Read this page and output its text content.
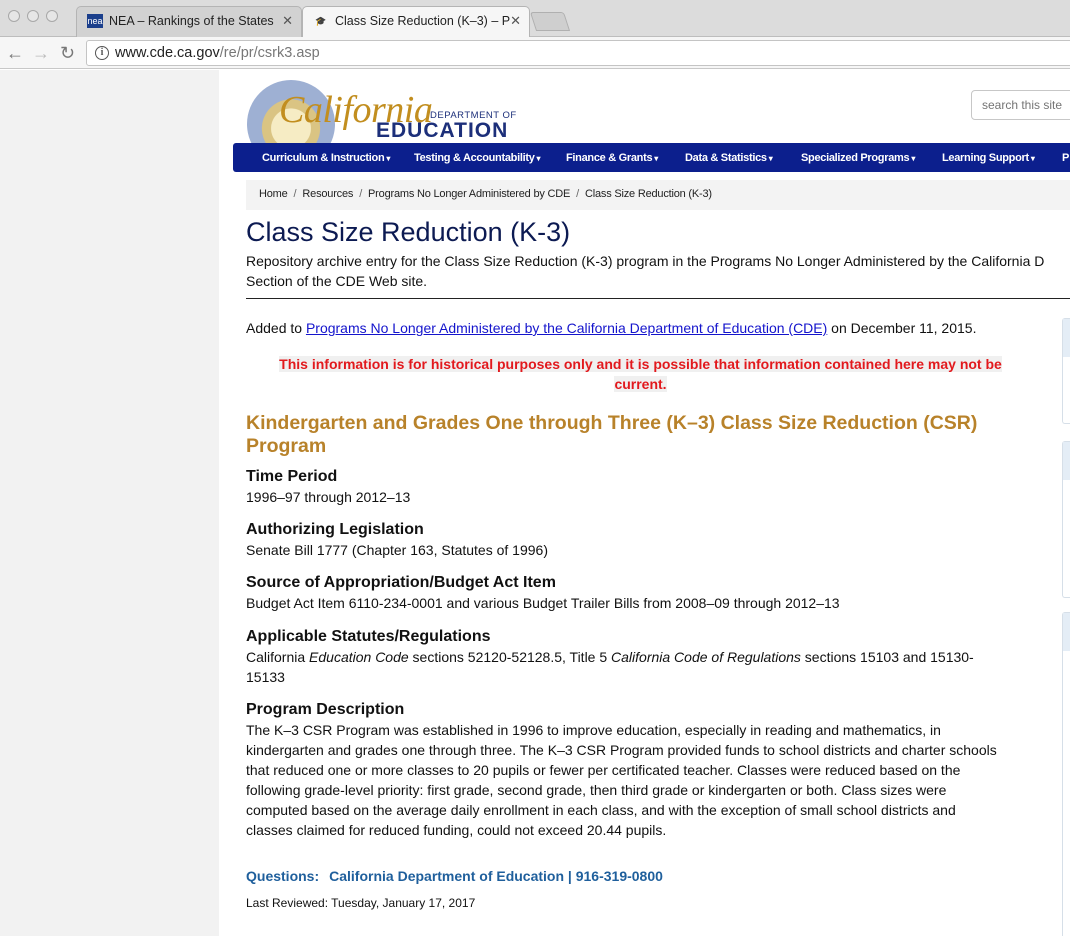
nea NEA – Rankings of the States ✕ 🎓 Class Size Reduction (K–3) – P ✕
← → ↻	i www.cde.ca.gov/re/pr/csrk3.asp
California
DEPARTMENT OF
EDUCATION
search this site
Curriculum & Instruction ▾ Testing & Accountability ▾ Finance & Grants ▾ Data & Statistics ▾	Specialized Programs ▾ Learning Support ▾ P
Home / Resources / Programs No Longer Administered by CDE / Class Size Reduction (K-3)
Class Size Reduction (K-3)
Repository archive entry for the Class Size Reduction (K-3) program in the Programs No Longer Administered by the California D
Section of the CDE Web site.
Added to Programs No Longer Administered by the California Department of Education (CDE) on December 11, 2015.
This information is for historical purposes only and it is possible that information contained here may not be
current.
Kindergarten and Grades One through Three (K–3) Class Size Reduction (CSR) Program
Time Period

1996–97 through 2012–13

Authorizing Legislation

Senate Bill 1777 (Chapter 163, Statutes of 1996)

Source of Appropriation/Budget Act Item

Budget Act Item 6110-234-0001 and various Budget Trailer Bills from 2008–09 through 2012–13

Applicable Statutes/Regulations

California Education Code sections 52120-52128.5, Title 5 California Code of Regulations sections 15103 and 15130-
15133

Program Description

The K–3 CSR Program was established in 1996 to improve education, especially in reading and mathematics, in
kindergarten and grades one through three. The K–3 CSR Program provided funds to school districts and charter schools
that reduced one or more classes to 20 pupils or fewer per certificated teacher. Classes were reduced based on the
following grade-level priority: first grade, second grade, then third grade or kindergarten or both. Class sizes were
computed based on the average daily enrollment in each class, and with the exception of small school districts and
classes claimed for reduced funding, could not exceed 20.44 pupils.

Questions: California Department of Education | 916-319-0800
Last Reviewed: Tuesday, January 17, 2017
